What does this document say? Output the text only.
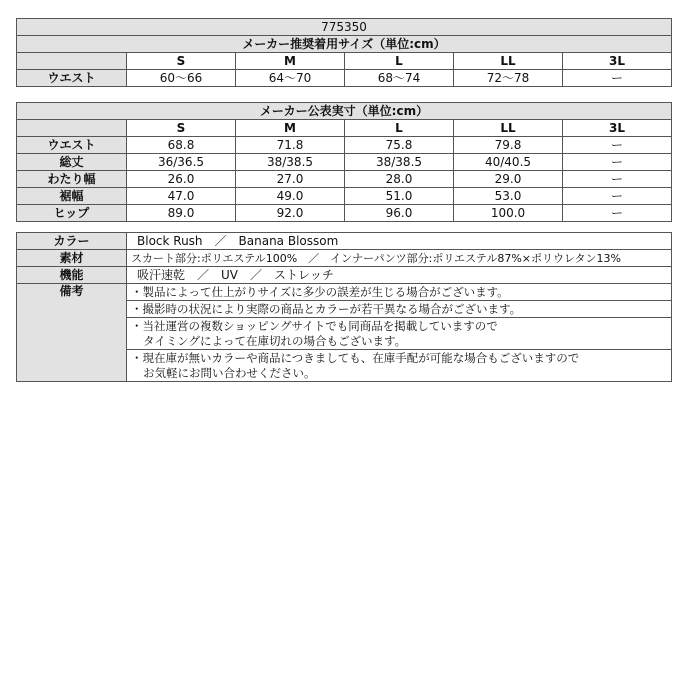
775350					
メーカー推奨着用サイズ（単位:cm）					
	S	M	L	LL	3L
ウエスト	60〜66	64〜70	68〜74	72〜78	ー
メーカー公表実寸（単位:cm）					
	S	M	L	LL	3L
ウエスト	68.8	71.8	75.8	79.8	ー
総丈	36/36.5	38/38.5	38/38.5	40/40.5	ー
わたり幅	26.0	27.0	28.0	29.0	ー
裾幅	47.0	49.0	51.0	53.0	ー
ヒップ	89.0	92.0	96.0	100.0	ー
カラー	Block Rush　／　Banana Blossom
素材	スカート部分:ポリエステル100%　／　インナーパンツ部分:ポリエステル87%×ポリウレタン13%
機能	吸汗速乾　／　UV　／　ストレッチ
備考	・製品によって仕上がりサイズに多少の誤差が生じる場合がございます。
	・撮影時の状況により実際の商品とカラーが若干異なる場合がございます。
	・当社運営の複数ショッピングサイトでも同商品を掲載していますので
タイミングによって在庫切れの場合もございます。

	・現在庫が無いカラーや商品につきましても、在庫手配が可能な場合もございますので
お気軽にお問い合わせください。
